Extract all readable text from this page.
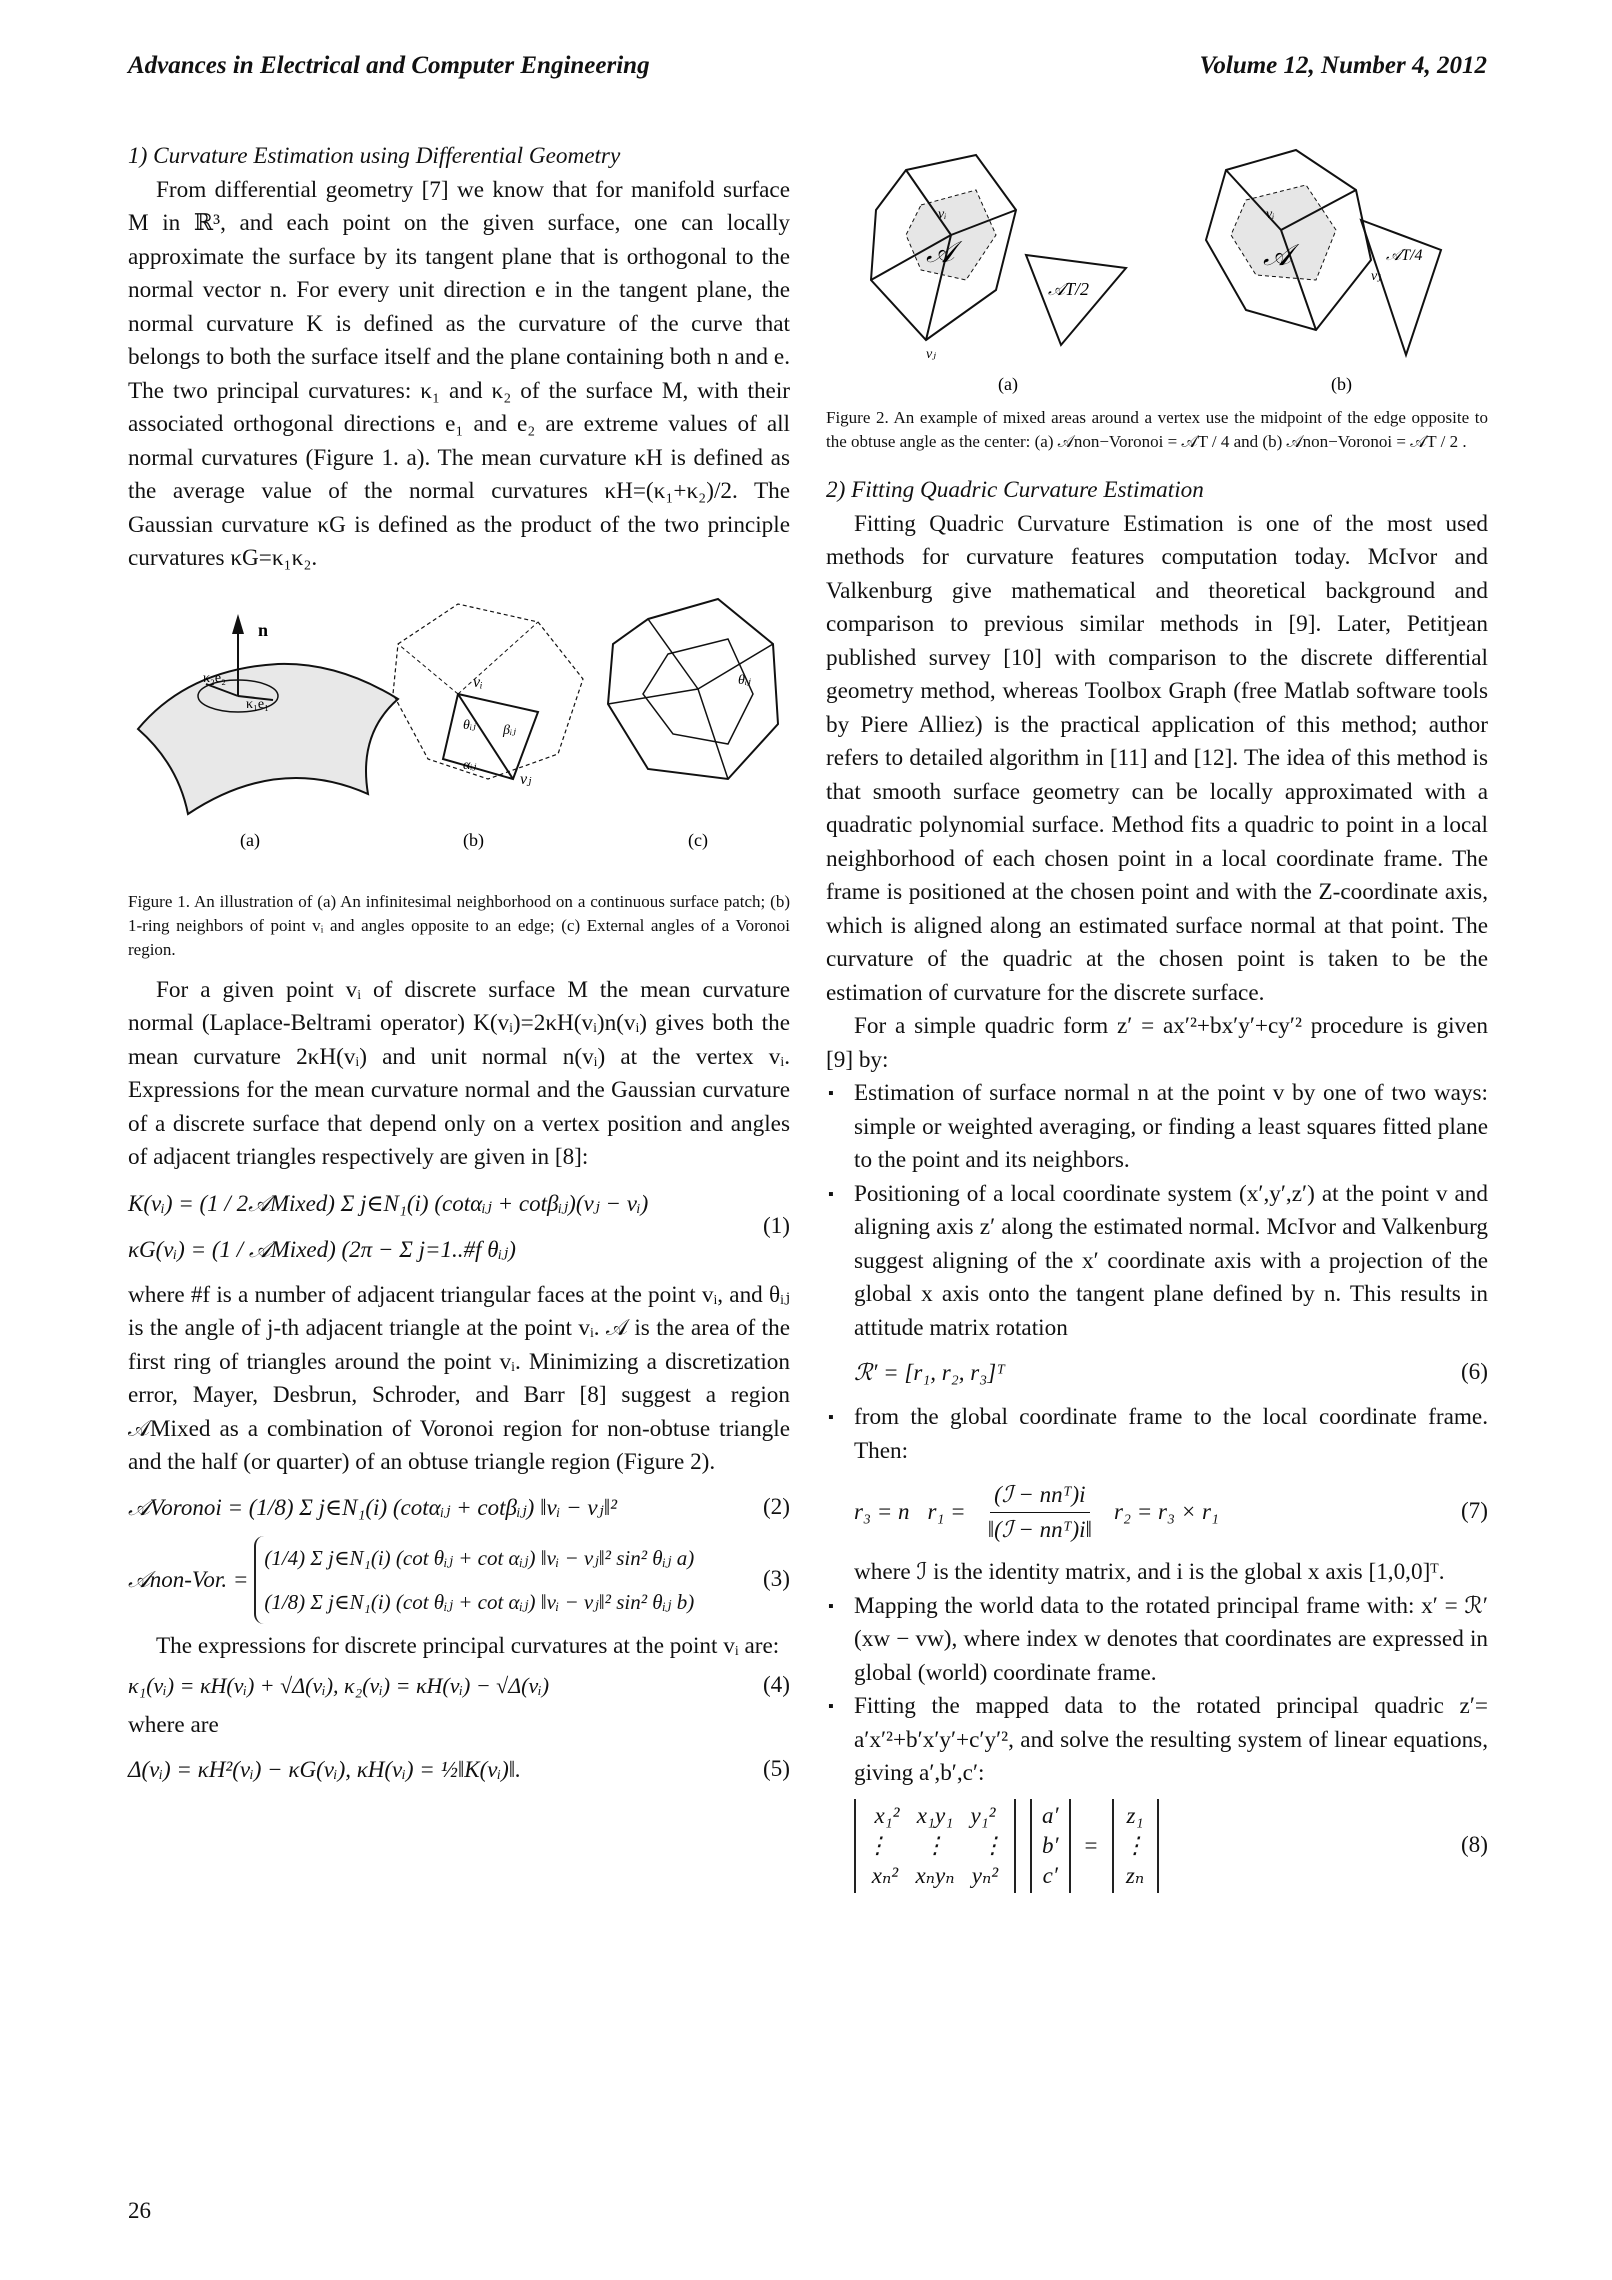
Advances in Electrical and Computer Engineering	Volume 12, Number 4, 2012
1) Curvature Estimation using Differential Geometry

From differential geometry [7] we know that for manifold surface M in ℝ³, and each point on the given surface, one can locally approximate the surface by its tangent plane that is orthogonal to the normal vector n. For every unit direction e in the tangent plane, the normal curvature K is defined as the curvature of the curve that belongs to both the surface itself and the plane containing both n and e. The two principal curvatures: κ₁ and κ₂ of the surface M, with their associated orthogonal directions e₁ and e₂ are extreme values of all normal curvatures (Figure 1. a). The mean curvature κH is defined as the average value of the normal curvatures κH=(κ₁+κ₂)/2. The Gaussian curvature κG is defined as the product of the two principle curvatures κG=κ₁κ₂.

n
κ₂e₂
κ₁e₁
vᵢ
θᵢⱼ βᵢⱼ
αᵢⱼ
vⱼ
θᵢⱼ
(a)	(b)	(c)
Figure 1. An illustration of (a) An infinitesimal neighborhood on a continuous surface patch; (b) 1-ring neighbors of point vᵢ and angles opposite to an edge; (c) External angles of a Voronoi region.

For a given point vᵢ of discrete surface M the mean curvature normal (Laplace-Beltrami operator) K(vᵢ)=2κH(vᵢ)n(vᵢ) gives both the mean curvature 2κH(vᵢ) and unit normal n(vᵢ) at the vertex vᵢ. Expressions for the mean curvature normal and the Gaussian curvature of a discrete surface that depend only on a vertex position and angles of adjacent triangles respectively are given in [8]:

K(vᵢ) = (1 / 2𝒜Mixed) Σ j∈N₁(i) (cotαᵢⱼ + cotβᵢⱼ)(vⱼ − vᵢ)
κG(vᵢ) = (1 / 𝒜Mixed) (2π − Σ j=1..#f θᵢⱼ)
(1)

where #f is a number of adjacent triangular faces at the point vᵢ, and θᵢⱼ is the angle of j-th adjacent triangle at the point vᵢ. 𝒜 is the area of the first ring of triangles around the point vᵢ. Minimizing a discretization error, Mayer, Desbrun, Schroder, and Barr [8] suggest a region 𝒜Mixed as a combination of Voronoi region for non-obtuse triangle and the half (or quarter) of an obtuse triangle region (Figure 2).

𝒜Voronoi = (1/8) Σ j∈N₁(i) (cotαᵢⱼ + cotβᵢⱼ) ‖vᵢ − vⱼ‖²	(2)
𝒜non-Vor. =
(1/4) Σ j∈N₁(i) (cot θᵢⱼ + cot αᵢⱼ) ‖vᵢ − vⱼ‖² sin² θᵢⱼ a)
(1/8) Σ j∈N₁(i) (cot θᵢⱼ + cot αᵢⱼ) ‖vᵢ − vⱼ‖² sin² θᵢⱼ b)
(3)

The expressions for discrete principal curvatures at the point vᵢ are:

κ₁(vᵢ) = κH(vᵢ) + √Δ(vᵢ), κ₂(vᵢ) = κH(vᵢ) − √Δ(vᵢ)	(4)

where are

Δ(vᵢ) = κH²(vᵢ) − κG(vᵢ), κH(vᵢ) = ½‖K(vᵢ)‖.	(5)
𝒜
𝒜T/2
vᵢ
vⱼ
𝒜	𝒜T/4
vᵢ
vⱼ
(a)	(b)
Figure 2. An example of mixed areas around a vertex use the midpoint of the edge opposite to the obtuse angle as the center: (a) 𝒜non−Voronoi = 𝒜T / 4 and (b) 𝒜non−Voronoi = 𝒜T / 2 .
2) Fitting Quadric Curvature Estimation

Fitting Quadric Curvature Estimation is one of the most used methods for curvature features computation today. McIvor and Valkenburg give mathematical and theoretical background and comparison to previous similar methods in [9]. Later, Petitjean published survey [10] with comparison to the discrete differential geometry method, whereas Toolbox Graph (free Matlab software tools by Piere Alliez) is the practical application of this method; author refers to detailed algorithm in [11] and [12]. The idea of this method is that smooth surface geometry can be locally approximated with a quadratic polynomial surface. Method fits a quadric to point in a local neighborhood of each chosen point in a local coordinate frame. The frame is positioned at the chosen point and with the Z-coordinate axis, which is aligned along an estimated surface normal at that point. The curvature of the quadric at the chosen point is taken to be the estimation of curvature for the discrete surface.

For a simple quadric form z′ = ax′²+bx′y′+cy′² procedure is given [9] by:

▪ Estimation of surface normal n at the point v by one of two ways: simple or weighted averaging, or finding a least squares fitted plane to the point and its neighbors.
▪ Positioning of a local coordinate system (x′,y′,z′) at the point v and aligning axis z′ along the estimated normal. McIvor and Valkenburg suggest aligning of the x′ coordinate axis with a projection of the global x axis onto the tangent plane defined by n. This results in attitude matrix rotation
ℛ′ = [r₁, r₂, r₃]ᵀ	(6)
▪ from the global coordinate frame to the local coordinate frame. Then:
r₃ = n $r_1 = \frac{\text{(ℐ − nnᵀ)i}}{\text{‖(ℐ − nnᵀ)i‖}} r_2 = r_3 \times r_1$	(7)

where ℐ is the identity matrix, and i is the global x axis [1,0,0]ᵀ.

▪ Mapping the world data to the rotated principal frame with: x′ = ℛ′(xw − vw), where index w denotes that coordinates are expressed in global (world) coordinate frame.
▪ Fitting the mapped data to the rotated principal quadric z′= a′x′²+b′x′y′+c′y′², and solve the resulting system of linear equations, giving a′,b′,c′:
x₁²   x₁y₁   y₁²
⋮      ⋮      ⋮
xₙ²   xₙyₙ   yₙ²
a′
b′
c′
=
z₁
⋮
zₙ
(8)
26
